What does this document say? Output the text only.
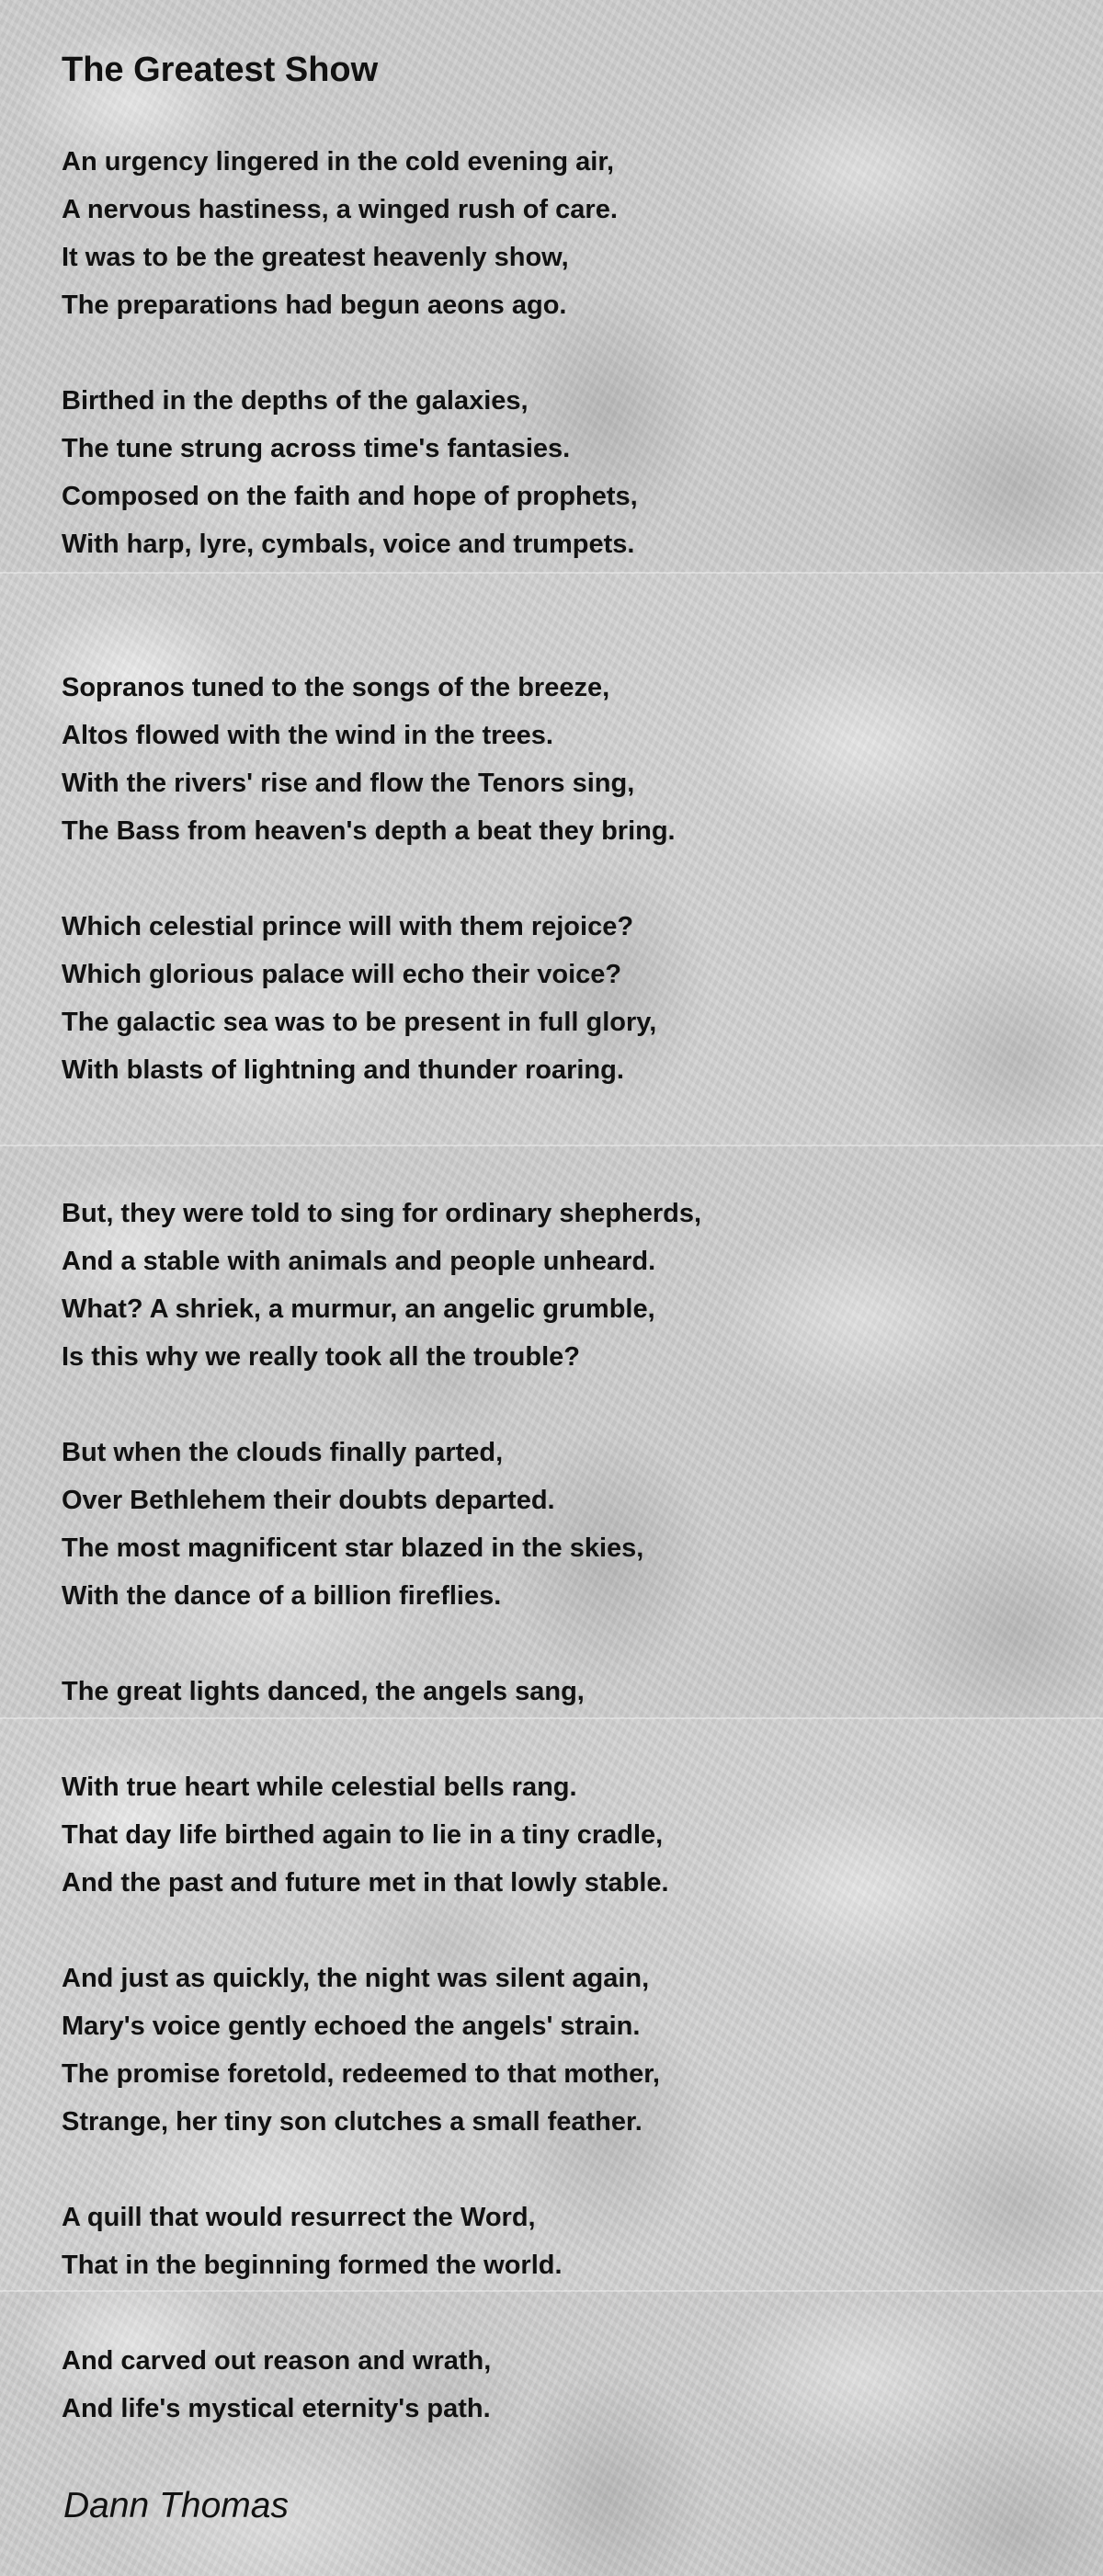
The Greatest Show
An urgency lingered in the cold evening air,
A nervous hastiness, a winged rush of care.
It was to be the greatest heavenly show,
The preparations had begun aeons ago.
Birthed in the depths of the galaxies,
The tune strung across time's fantasies.
Composed on the faith and hope of prophets,
With harp, lyre, cymbals, voice and trumpets.
Sopranos tuned to the songs of the breeze,
Altos flowed with the wind in the trees.
With the rivers' rise and flow the Tenors sing,
The Bass from heaven's depth a beat they bring.
Which celestial prince will with them rejoice?
Which glorious palace will echo their voice?
The galactic sea was to be present in full glory,
With blasts of lightning and thunder roaring.
But, they were told to sing for ordinary shepherds,
And a stable with animals and people unheard.
What? A shriek, a murmur, an angelic grumble,
Is this why we really took all the trouble?
But when the clouds finally parted,
Over Bethlehem their doubts departed.
The most magnificent star blazed in the skies,
With the dance of a billion fireflies.
The great lights danced, the angels sang,
With true heart while celestial bells rang.
That day life birthed again to lie in a tiny cradle,
And the past and future met in that lowly stable.
And just as quickly, the night was silent again,
Mary's voice gently echoed the angels' strain.
The promise foretold, redeemed to that mother,
Strange, her tiny son clutches a small feather.
A quill that would resurrect the Word,
That in the beginning formed the world.
And carved out reason and wrath,
And life's mystical eternity's path.
Dann Thomas
